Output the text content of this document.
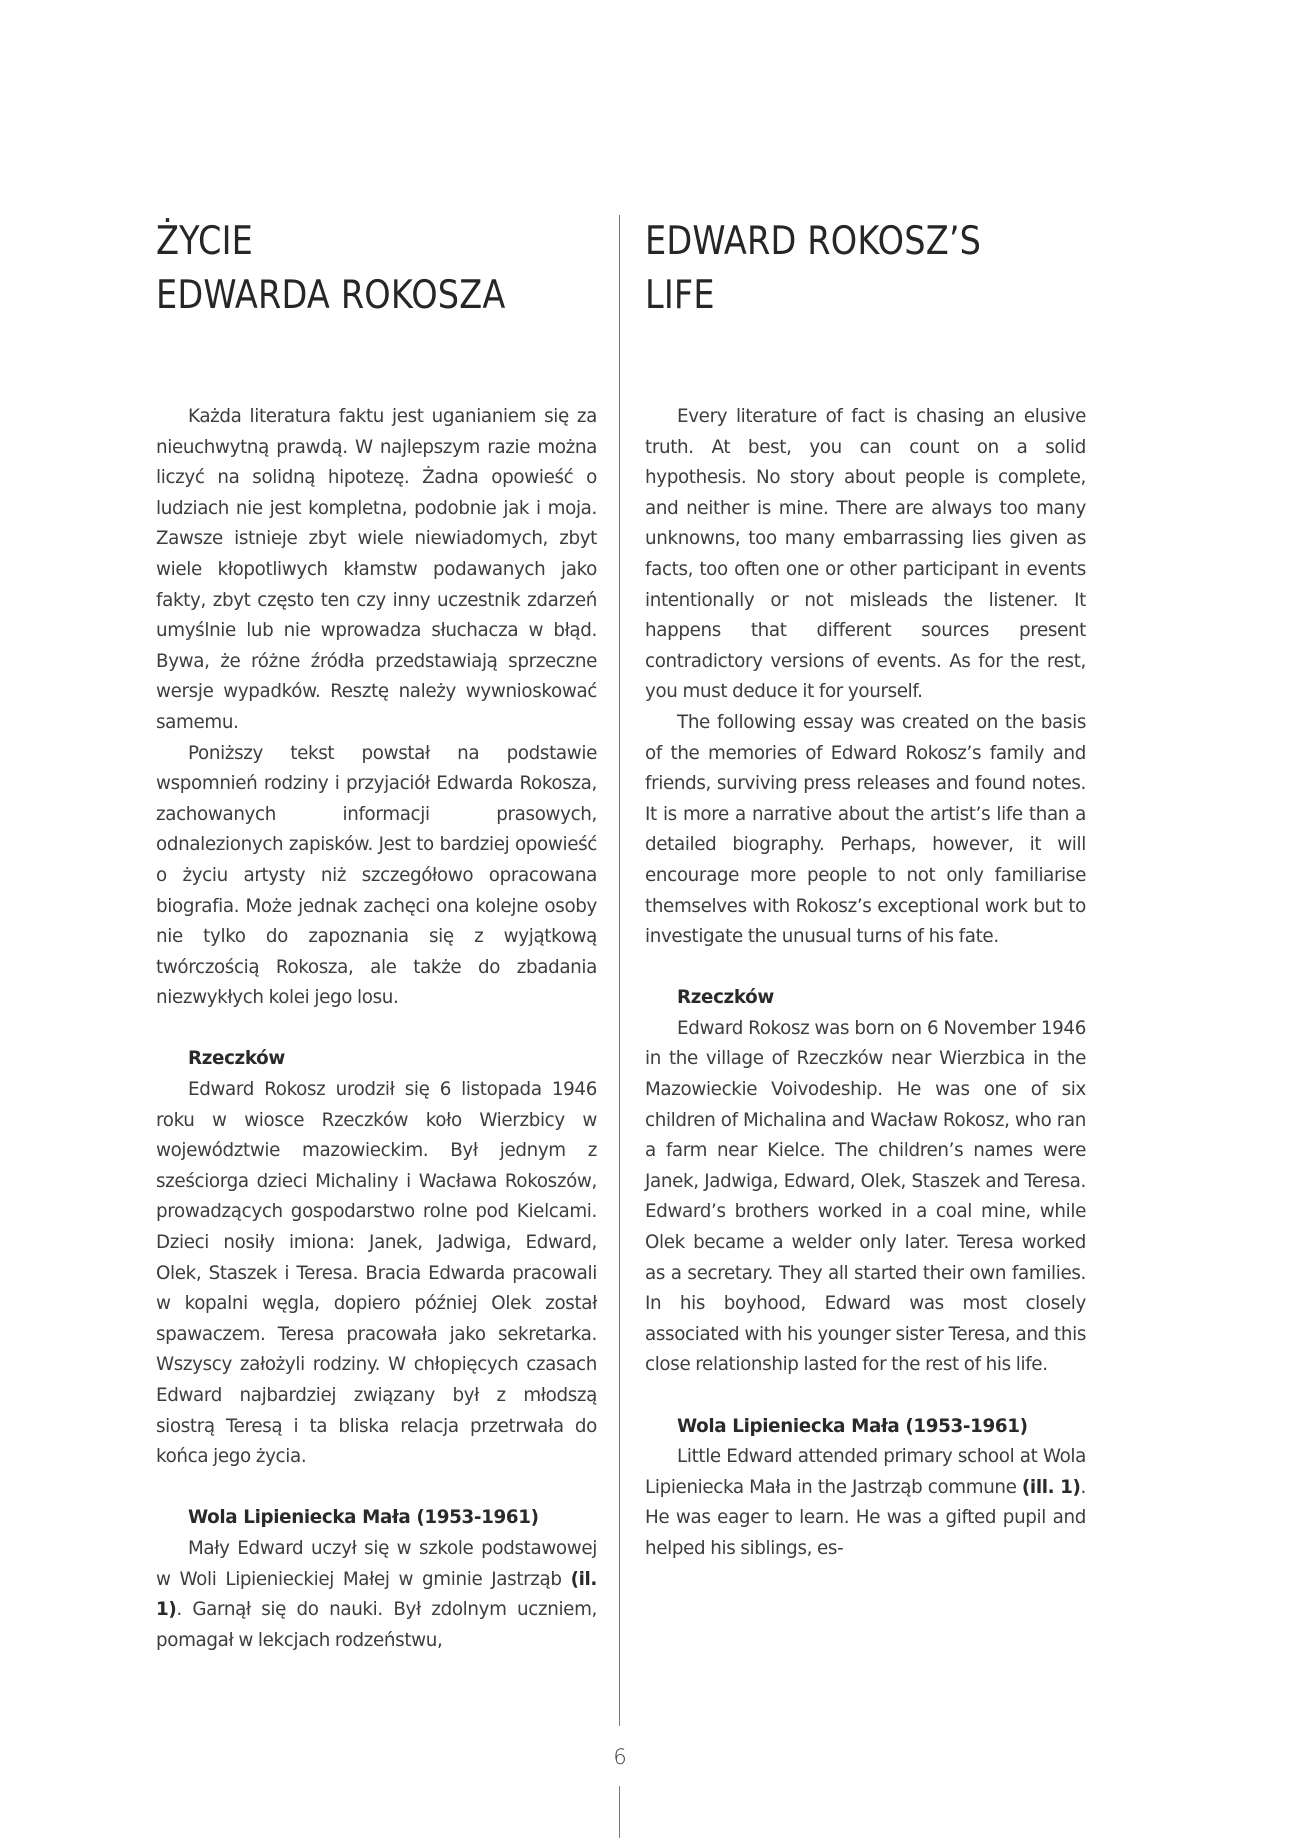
6
ŻYCIE
EDWARDA ROKOSZA

Każda literatura faktu jest uganianiem się za nieuchwytną prawdą. W najlepszym razie można liczyć na solidną hipotezę. Żadna opowieść o ludziach nie jest kompletna, podobnie jak i moja. Zawsze istnieje zbyt wiele niewiadomych, zbyt wiele kłopotliwych kłamstw podawanych jako fakty, zbyt często ten czy inny uczestnik zdarzeń umyślnie lub nie wprowadza słuchacza w błąd. Bywa, że różne źródła przedstawiają sprzeczne wersje wypadków. Resztę należy wywnioskować samemu.

Poniższy tekst powstał na podstawie wspomnień rodziny i przyjaciół Edwarda Rokosza, zachowanych informacji prasowych, odnalezionych zapisków. Jest to bardziej opowieść o życiu artysty niż szczegółowo opracowana biografia. Może jednak zachęci ona kolejne osoby nie tylko do zapoznania się z wyjątkową twórczością Rokosza, ale także do zbadania niezwykłych kolei jego losu.

Rzeczków

Edward Rokosz urodził się 6 listopada 1946 roku w wiosce Rzeczków koło Wierzbicy w województwie mazowieckim. Był jednym z sześciorga dzieci Michaliny i Wacława Rokoszów, prowadzących gospodarstwo rolne pod Kielcami. Dzieci nosiły imiona: Janek, Jadwiga, Edward, Olek, Staszek i Teresa. Bracia Edwarda pracowali w kopalni węgla, dopiero później Olek został spawaczem. Teresa pracowała jako sekretarka. Wszyscy założyli rodziny. W chłopięcych czasach Edward najbardziej związany był z młodszą siostrą Teresą i ta bliska relacja przetrwała do końca jego życia.

Wola Lipieniecka Mała (1953-1961)

Mały Edward uczył się w szkole podstawowej w Woli Lipienieckiej Małej w gminie Jastrząb (il. 1). Garnął się do nauki. Był zdolnym uczniem, pomagał w lekcjach rodzeństwu,

EDWARD ROKOSZ’S
LIFE

Every literature of fact is chasing an elusive truth. At best, you can count on a solid hypothesis. No story about people is complete, and neither is mine. There are always too many unknowns, too many embarrassing lies given as facts, too often one or other participant in events intentionally or not misleads the listener. It happens that different sources present contradictory versions of events. As for the rest, you must deduce it for yourself.

The following essay was created on the basis of the memories of Edward Rokosz’s family and friends, surviving press releases and found notes. It is more a narrative about the artist’s life than a detailed biography. Perhaps, however, it will encourage more people to not only familiarise themselves with Rokosz’s exceptional work but to investigate the unusual turns of his fate.

Rzeczków

Edward Rokosz was born on 6 November 1946 in the village of Rzeczków near Wierzbica in the Mazowieckie Voivodeship. He was one of six children of Michalina and Wacław Rokosz, who ran a farm near Kielce. The children’s names were Janek, Jadwiga, Edward, Olek, Staszek and Teresa. Edward’s brothers worked in a coal mine, while Olek became a welder only later. Teresa worked as a secretary. They all started their own families. In his boyhood, Edward was most closely associated with his younger sister Teresa, and this close relationship lasted for the rest of his life.

Wola Lipieniecka Mała (1953-1961)

Little Edward attended primary school at Wola Lipieniecka Mała in the Jastrząb commune (ill. 1). He was eager to learn. He was a gifted pupil and helped his siblings, es-
